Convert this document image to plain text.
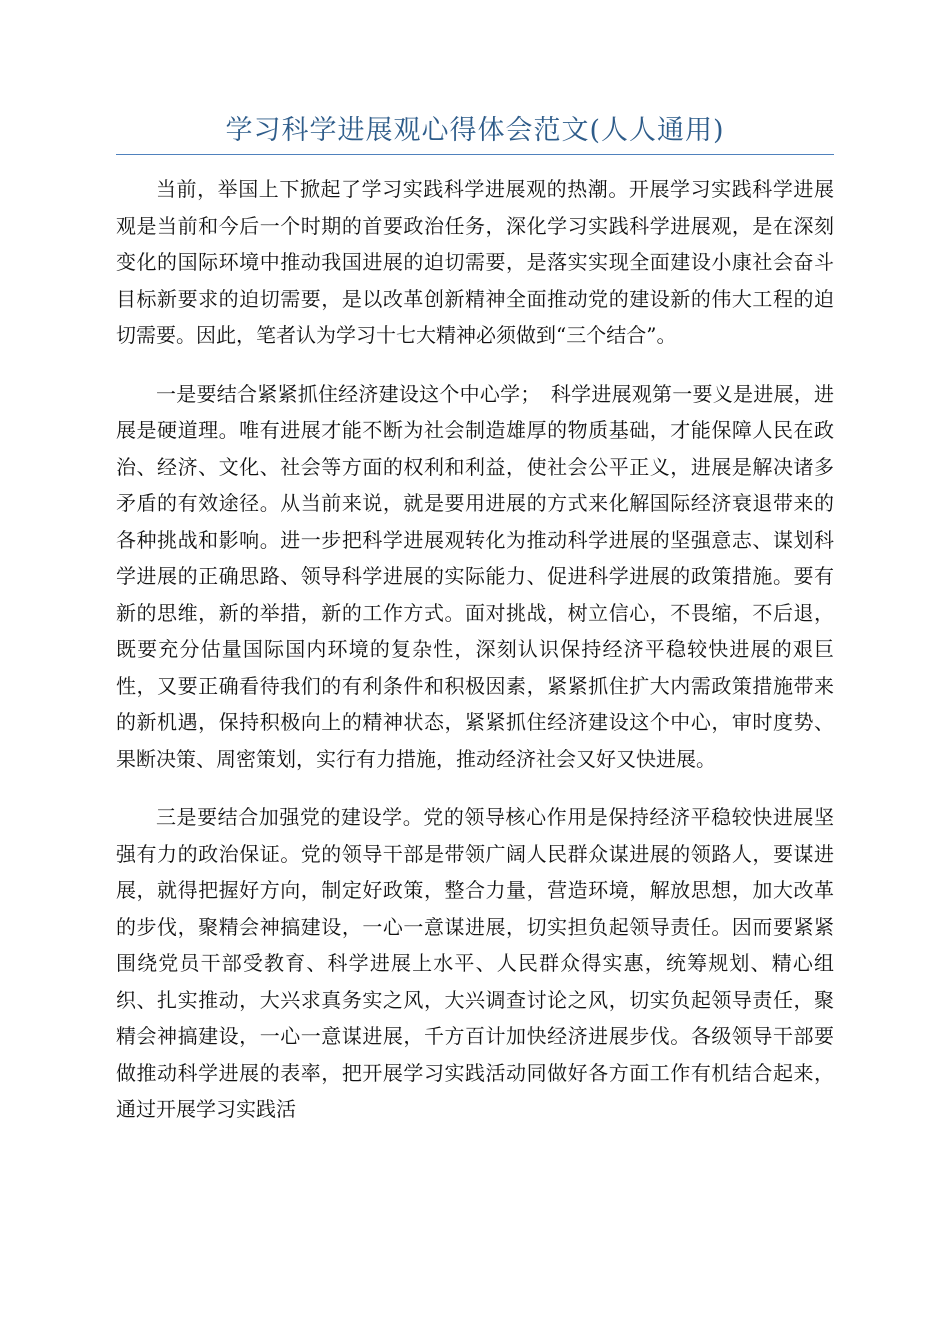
学习科学进展观心得体会范文(人人通用)

当前，举国上下掀起了学习实践科学进展观的热潮。开展学习实践科学进展观是当前和今后一个时期的首要政治任务，深化学习实践科学进展观，是在深刻变化的国际环境中推动我国进展的迫切需要，是落实实现全面建设小康社会奋斗目标新要求的迫切需要，是以改革创新精神全面推动党的建设新的伟大工程的迫切需要。因此，笔者认为学习十七大精神必须做到“三个结合”。

一是要结合紧紧抓住经济建设这个中心学；　科学进展观第一要义是进展，进展是硬道理。唯有进展才能不断为社会制造雄厚的物质基础，才能保障人民在政治、经济、文化、社会等方面的权利和利益，使社会公平正义，进展是解决诸多矛盾的有效途径。从当前来说，就是要用进展的方式来化解国际经济衰退带来的各种挑战和影响。进一步把科学进展观转化为推动科学进展的坚强意志、谋划科学进展的正确思路、领导科学进展的实际能力、促进科学进展的政策措施。要有新的思维，新的举措，新的工作方式。面对挑战，树立信心，不畏缩，不后退，既要充分估量国际国内环境的复杂性，深刻认识保持经济平稳较快进展的艰巨性，又要正确看待我们的有利条件和积极因素，紧紧抓住扩大内需政策措施带来的新机遇，保持积极向上的精神状态，紧紧抓住经济建设这个中心，审时度势、果断决策、周密策划，实行有力措施，推动经济社会又好又快进展。

三是要结合加强党的建设学。党的领导核心作用是保持经济平稳较快进展坚强有力的政治保证。党的领导干部是带领广阔人民群众谋进展的领路人，要谋进展，就得把握好方向，制定好政策，整合力量，营造环境，解放思想，加大改革的步伐，聚精会神搞建设，一心一意谋进展，切实担负起领导责任。因而要紧紧围绕党员干部受教育、科学进展上水平、人民群众得实惠，统筹规划、精心组织、扎实推动，大兴求真务实之风，大兴调查讨论之风，切实负起领导责任，聚精会神搞建设，一心一意谋进展，千方百计加快经济进展步伐。各级领导干部要做推动科学进展的表率，把开展学习实践活动同做好各方面工作有机结合起来，通过开展学习实践活
